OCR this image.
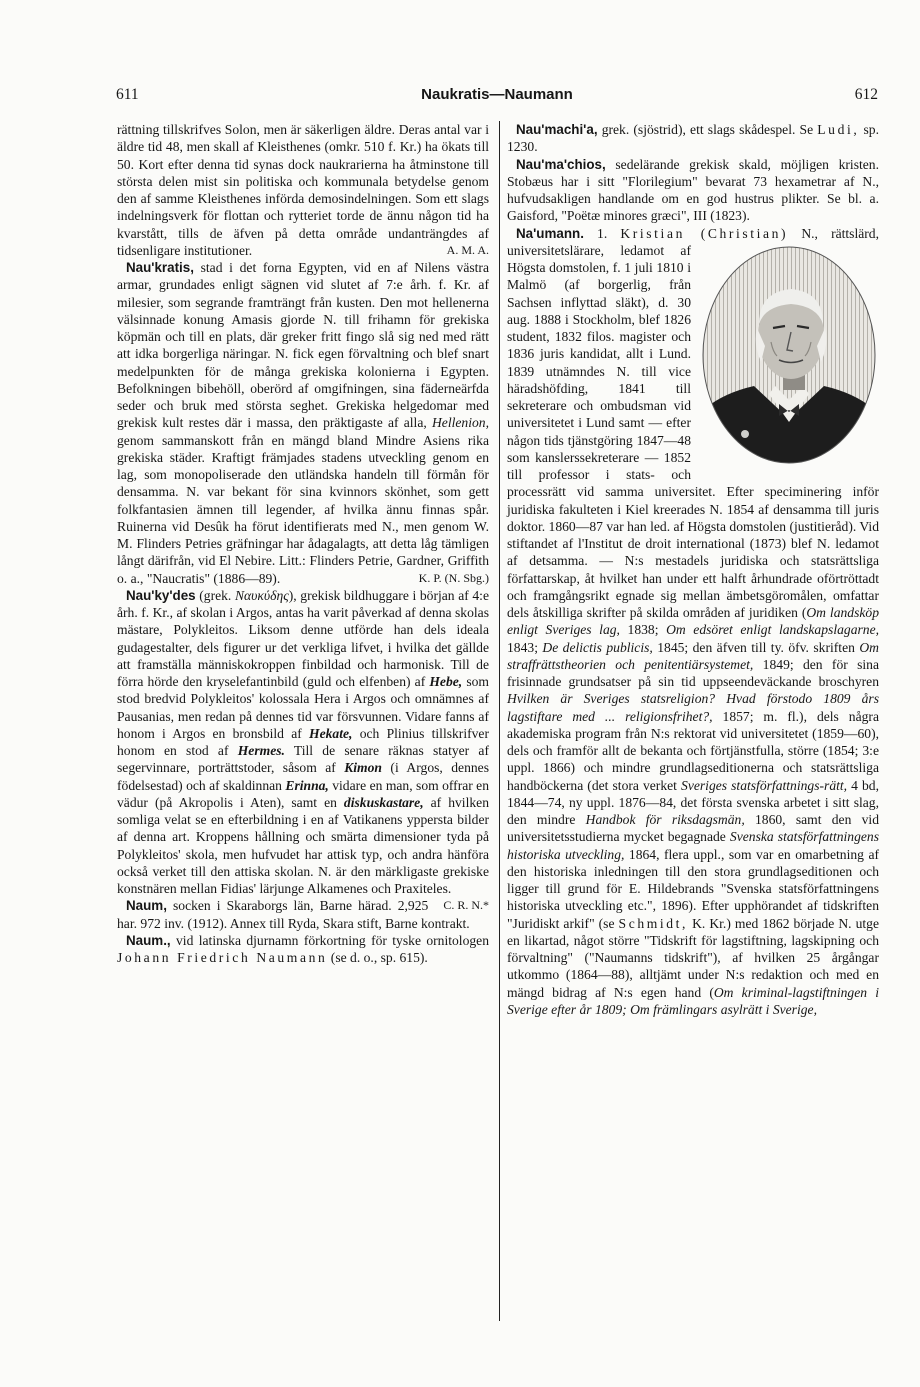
611	Naukratis—Naumann	612

rättning tillskrifves Solon, men är säkerligen äldre. Deras antal var i äldre tid 48, men skall af Kleisthenes (omkr. 510 f. Kr.) ha ökats till 50. Kort efter denna tid synas dock naukrarierna ha åtminstone till största delen mist sin politiska och kommunala betydelse genom den af samme Kleisthenes införda demosindelningen. Som ett slags indelningsverk för flottan och rytteriet torde de ännu någon tid ha kvarstått, tills de äfven på detta område undanträngdes af tidsenligare institutioner.	A. M. A.

Nau'kratis, stad i det forna Egypten, vid en af Nilens västra armar, grundades enligt sägnen vid slutet af 7:e årh. f. Kr. af milesier, som segrande framträngt från kusten. Den mot hellenerna välsinnade konung Amasis gjorde N. till frihamn för grekiska köpmän och till en plats, där greker fritt fingo slå sig ned med rätt att idka borgerliga näringar. N. fick egen förvaltning och blef snart medelpunkten för de många grekiska kolonierna i Egypten. Befolkningen bibehöll, oberörd af omgifningen, sina fäderneärfda seder och bruk med största seghet. Grekiska helgedomar med grekisk kult restes där i massa, den präktigaste af alla, Hellenion, genom sammanskott från en mängd bland Mindre Asiens rika grekiska städer. Kraftigt främjades stadens utveckling genom en lag, som monopoliserade den utländska handeln till förmån för densamma. N. var bekant för sina kvinnors skönhet, som gett folkfantasien ämnen till legender, af hvilka ännu finnas spår. Ruinerna vid Desûk ha förut identifierats med N., men genom W. M. Flinders Petries gräfningar har ådagalagts, att detta låg tämligen långt därifrån, vid El Nebire. Litt.: Flinders Petrie, Gardner, Griffith o. a., "Naucratis" (1886—89).	K. P. (N. Sbg.)

Nau'ky'des (grek. Ναυκύδης), grekisk bildhuggare i början af 4:e årh. f. Kr., af skolan i Argos, antas ha varit påverkad af denna skolas mästare, Polykleitos. Liksom denne utförde han dels ideala gudagestalter, dels figurer ur det verkliga lifvet, i hvilka det gällde att framställa människokroppen finbildad och harmonisk. Till de förra hörde den kryselefantinbild (guld och elfenben) af Hebe, som stod bredvid Polykleitos' kolossala Hera i Argos och omnämnes af Pausanias, men redan på dennes tid var försvunnen. Vidare fanns af honom i Argos en bronsbild af Hekate, och Plinius tillskrifver honom en stod af Hermes. Till de senare räknas statyer af segervinnare, porträttstoder, såsom af Kimon (i Argos, dennes födelsestad) och af skaldinnan Erinna, vidare en man, som offrar en vädur (på Akropolis i Aten), samt en diskuskastare, af hvilken somliga velat se en efterbildning i en af Vatikanens yppersta bilder af denna art. Kroppens hållning och smärta dimensioner tyda på Polykleitos' skola, men hufvudet har attisk typ, och andra hänföra också verket till den attiska skolan. N. är den märkligaste grekiske konstnären mellan Fidias' lärjunge Alkamenes och Praxiteles.
C. R. N.*

Naum, socken i Skaraborgs län, Barne härad. 2,925 har. 972 inv. (1912). Annex till Ryda, Skara stift, Barne kontrakt.

Naum., vid latinska djurnamn förkortning för tyske ornitologen Johann Friedrich Naumann (se d. o., sp. 615).

Nau'machi'a, grek. (sjöstrid), ett slags skådespel. Se Ludi, sp. 1230.

Nau'ma'chios, sedelärande grekisk skald, möjligen kristen. Stobæus har i sitt "Florilegium" bevarat 73 hexametrar af N., hufvudsakligen handlande om en god hustrus plikter. Se bl. a. Gaisford, "Poëtæ minores græci", III (1823).

Na'umann. 1. Kristian (Christian)
N., rättslärd, universitetslärare, ledamot af Högsta domstolen, f. 1 juli 1810 i Malmö (af borgerlig, från Sachsen inflyttad släkt), d. 30 aug. 1888 i Stockholm, blef 1826 student, 1832 filos. magister och 1836 juris kandidat, allt i Lund. 1839 utnämndes N. till vice häradshöfding, 1841 till sekreterare och ombudsman vid universitetet i Lund samt — efter någon tids tjänstgöring 1847—48 som kanslerssekreterare — 1852 till professor i stats- och processrätt vid samma universitet. Efter speciminering inför juridiska fakulteten i Kiel kreerades N. 1854 af densamma till juris doktor. 1860—87 var han led. af Högsta domstolen (justitieråd). Vid stiftandet af l'Institut de droit international (1873) blef N. ledamot af detsamma. — N:s mestadels juridiska och statsrättsliga författarskap, åt hvilket han under ett halft århundrade oförtröttadt och framgångsrikt egnade sig mellan ämbetsgöromålen, omfattar dels åtskilliga skrifter på skilda områden af juridiken (Om landsköp enligt Sveriges lag, 1838; Om edsöret enligt landskapslagarne, 1843; De delictis publicis, 1845; den äfven till ty. öfv. skriften Om straffrättstheorien och penitentiärsystemet, 1849; den för sina frisinnade grundsatser på sin tid uppseendeväckande broschyren Hvilken är Sveriges statsreligion? Hvad förstodo 1809 års lagstiftare med ... religionsfrihet?, 1857; m. fl.), dels några akademiska program från N:s rektorat vid universitetet (1859—60), dels och framför allt de bekanta och förtjänstfulla, större (1854; 3:e uppl. 1866) och mindre grundlagseditionerna och statsrättsliga handböckerna (det stora verket Sveriges statsförfattnings-rätt, 4 bd, 1844—74, ny uppl. 1876—84, det första svenska arbetet i sitt slag, den mindre Handbok för riksdagsmän, 1860, samt den vid universitetsstudierna mycket begagnade Svenska statsförfattningens historiska utveckling, 1864, flera uppl., som var en omarbetning af den historiska inledningen till den stora grundlagseditionen och ligger till grund för E. Hildebrands "Svenska statsförfattningens historiska utveckling etc.", 1896). Efter upphörandet af tidskriften "Juridiskt arkif" (se Schmidt, K. Kr.) med 1862 började N. utge en likartad, något större "Tidskrift för lagstiftning, lagskipning och förvaltning" ("Naumanns tidskrift"), af hvilken 25 årgångar utkommo (1864—88), alltjämt under N:s redaktion och med en mängd bidrag af N:s egen hand (Om kriminal-lagstiftningen i Sverige efter år 1809; Om främlingars asylrätt i Sverige,
